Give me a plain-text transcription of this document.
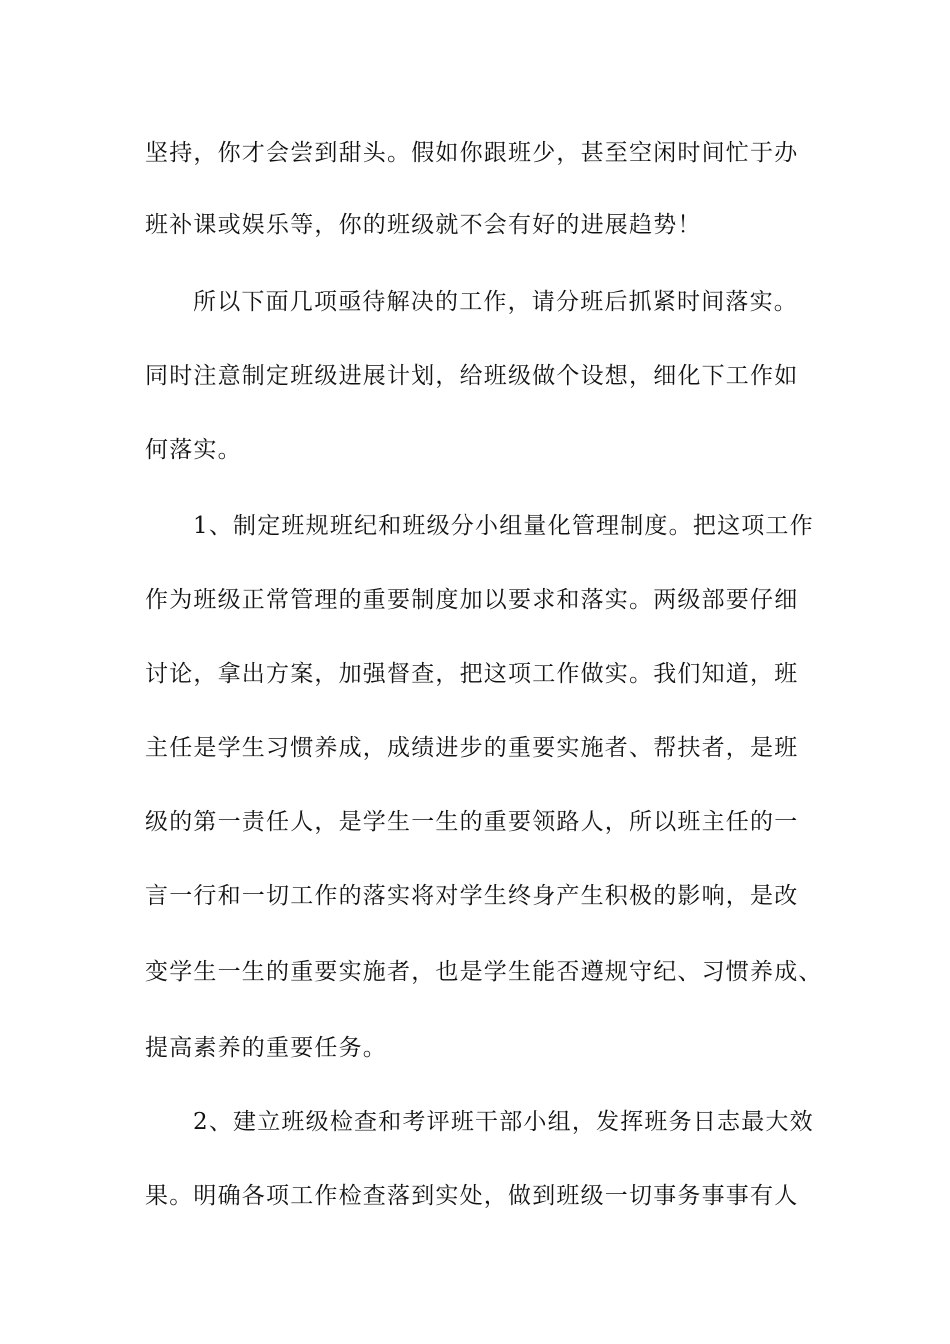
坚持，你才会尝到甜头。假如你跟班少，甚至空闲时间忙于办
班补课或娱乐等，你的班级就不会有好的进展趋势！
所以下面几项亟待解决的工作，请分班后抓紧时间落实。
同时注意制定班级进展计划，给班级做个设想，细化下工作如
何落实。
1、制定班规班纪和班级分小组量化管理制度。把这项工作
作为班级正常管理的重要制度加以要求和落实。两级部要仔细
讨论，拿出方案，加强督查，把这项工作做实。我们知道，班
主任是学生习惯养成，成绩进步的重要实施者、帮扶者，是班
级的第一责任人，是学生一生的重要领路人，所以班主任的一
言一行和一切工作的落实将对学生终身产生积极的影响，是改
变学生一生的重要实施者，也是学生能否遵规守纪、习惯养成、
提高素养的重要任务。
2、建立班级检查和考评班干部小组，发挥班务日志最大效
果。明确各项工作检查落到实处，做到班级一切事务事事有人
